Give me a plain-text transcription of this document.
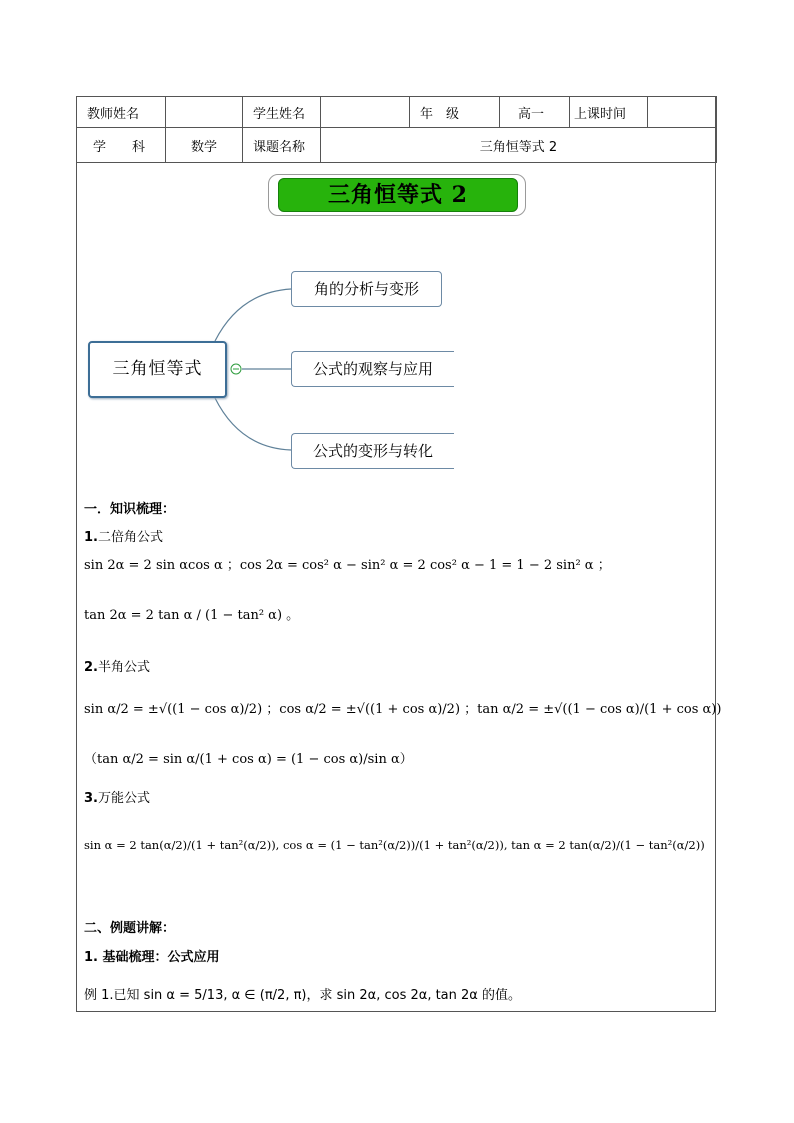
教师姓名		学生姓名		年　级	高一	上课时间	
学　　科	数学	课题名称	三角恒等式 2				
三角恒等式 2
三角恒等式
角的分析与变形
公式的观察与应用
公式的变形与转化
一．知识梳理：
1.二倍角公式
sin 2α = 2 sin αcos α ；cos 2α = cos² α − sin² α = 2 cos² α − 1 = 1 − 2 sin² α ；
tan 2α = 2 tan α / (1 − tan² α) 。
2.半角公式
sin α/2 = ±√((1 − cos α)/2) ；cos α/2 = ±√((1 + cos α)/2) ；tan α/2 = ±√((1 − cos α)/(1 + cos α))
（tan α/2 = sin α/(1 + cos α) = (1 − cos α)/sin α）
3.万能公式
sin α = 2 tan(α/2)/(1 + tan²(α/2)), cos α = (1 − tan²(α/2))/(1 + tan²(α/2)), tan α = 2 tan(α/2)/(1 − tan²(α/2))
二、例题讲解：
1. 基础梳理：公式应用
例 1.已知 sin α = 5/13, α ∈ (π/2, π)，求 sin 2α, cos 2α, tan 2α 的值。
